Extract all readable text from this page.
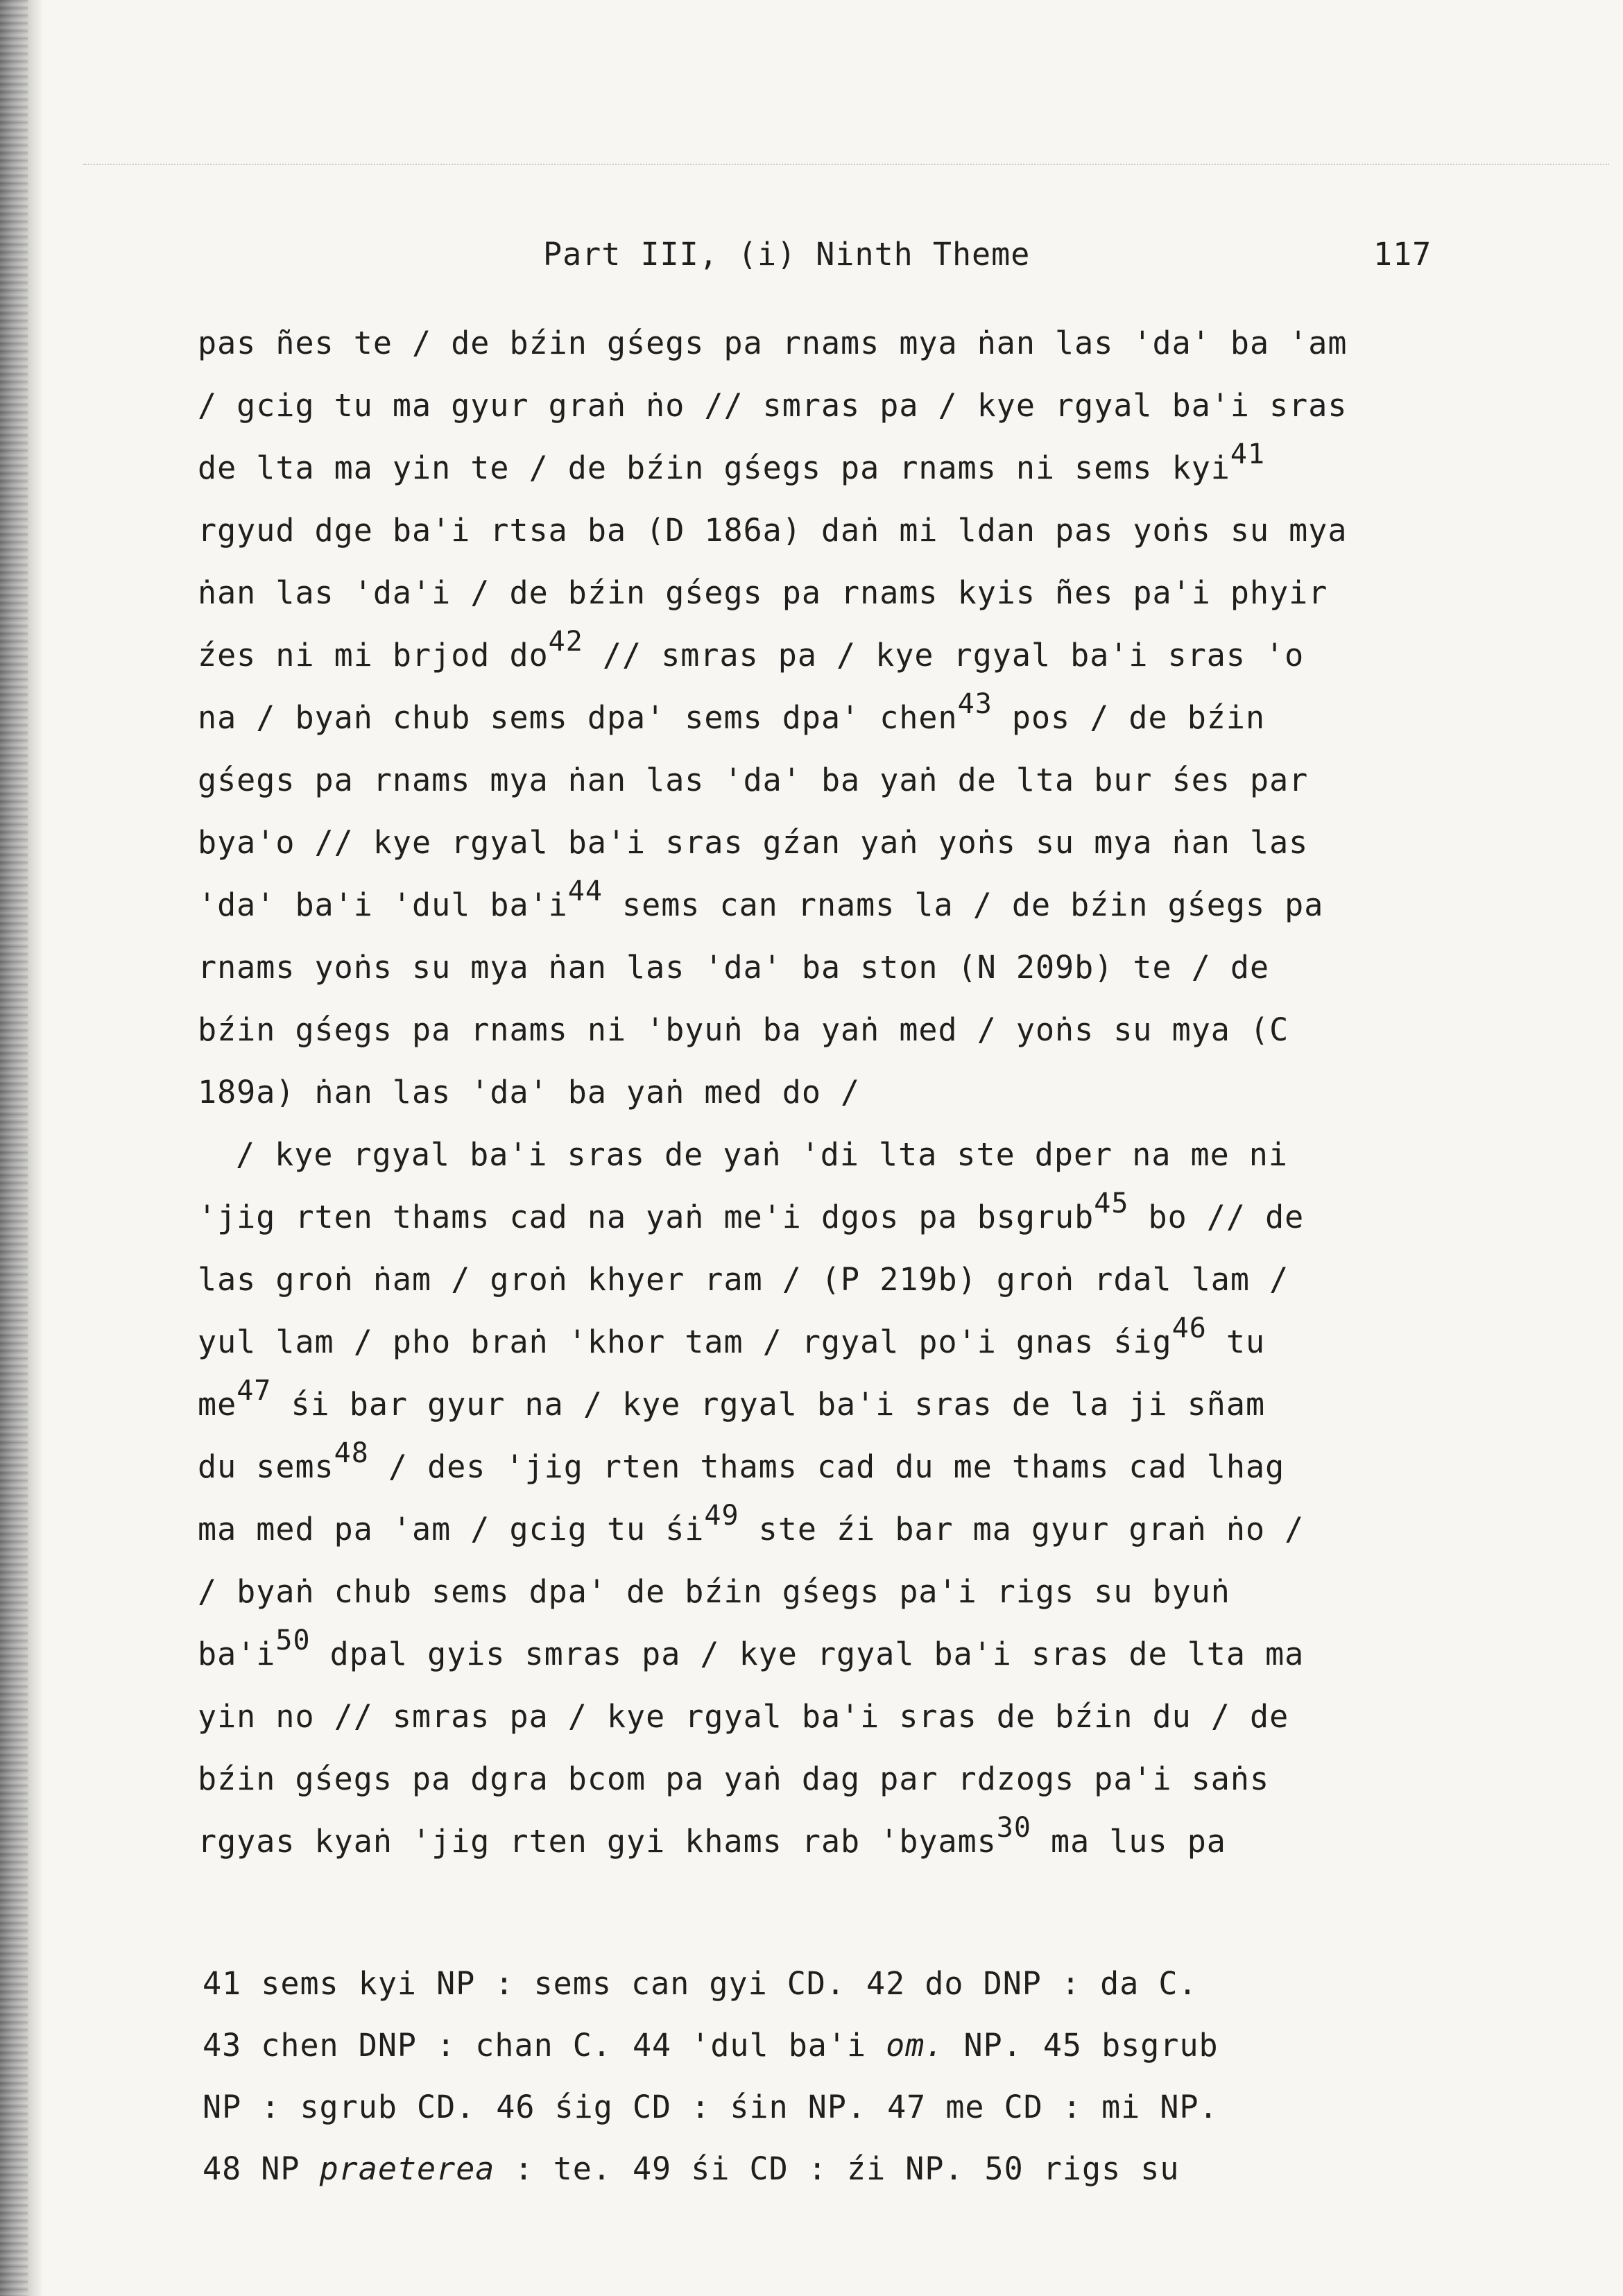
Part III, (i) Ninth Theme	117
pas ñes te / de bźin gśegs pa rnams mya ṅan las 'da' ba 'am
/ gcig tu ma gyur graṅ ṅo // smras pa / kye rgyal ba'i sras
de lta ma yin te / de bźin gśegs pa rnams ni sems kyi$^{41}$
rgyud dge ba'i rtsa ba (D 186a) daṅ mi ldan pas yoṅs su mya
ṅan las 'da'i / de bźin gśegs pa rnams kyis ñes pa'i phyir
źes ni mi brjod $do^{42}$ // smras pa / kye rgyal ba'i sras 'o
na / byaṅ chub sems dpa' sems dpa' chen$^{43}$ pos / de bźin
gśegs pa rnams mya ṅan las 'da' ba yaṅ de lta bur śes par
bya'o // kye rgyal ba'i sras gźan yaṅ yoṅs su mya ṅan las
'da' ba'i 'dul $ba'i^{44}$ sems can rnams la / de bźin gśegs pa
rnams yoṅs su mya ṅan las 'da' ba ston (N 209b) te / de
bźin gśegs pa rnams ni 'byuṅ ba yaṅ med / yoṅs su mya (C
189a) ṅan las 'da' ba yaṅ med do /
/ kye rgyal ba'i sras de yaṅ 'di lta ste dper na me ni
'jig rten thams cad na yaṅ me'i dgos pa bsgrub$^{45}$ bo // de
las groṅ ṅam / groṅ khyer ram / (P 219b) groṅ rdal lam /
yul lam / pho braṅ 'khor tam / rgyal po'i gnas śig$^{46}$ tu
$me^{47}$ śi bar gyur na / kye rgyal ba'i sras de la ji sñam
du sems$^{48}$ / des 'jig rten thams cad du me thams cad lhag
ma med pa 'am / gcig tu $śi^{49}$ ste źi bar ma gyur graṅ ṅo /
/ byaṅ chub sems dpa' de bźin gśegs pa'i rigs su byuṅ
$ba'i^{50}$ dpal gyis smras pa / kye rgyal ba'i sras de lta ma
yin no // smras pa / kye rgyal ba'i sras de bźin du / de
bźin gśegs pa dgra bcom pa yaṅ dag par rdzogs pa'i saṅs
rgyas kyaṅ 'jig rten gyi khams rab 'byams$^{30}$ ma lus pa
41 sems kyi NP : sems can gyi CD. 42 do DNP : da C.
43 chen DNP : chan C. 44 'dul ba'i om. NP. 45 bsgrub
NP : sgrub CD. 46 śig CD : śin NP. 47 me CD : mi NP.
48 NP praeterea : te. 49 śi CD : źi NP. 50 rigs su
